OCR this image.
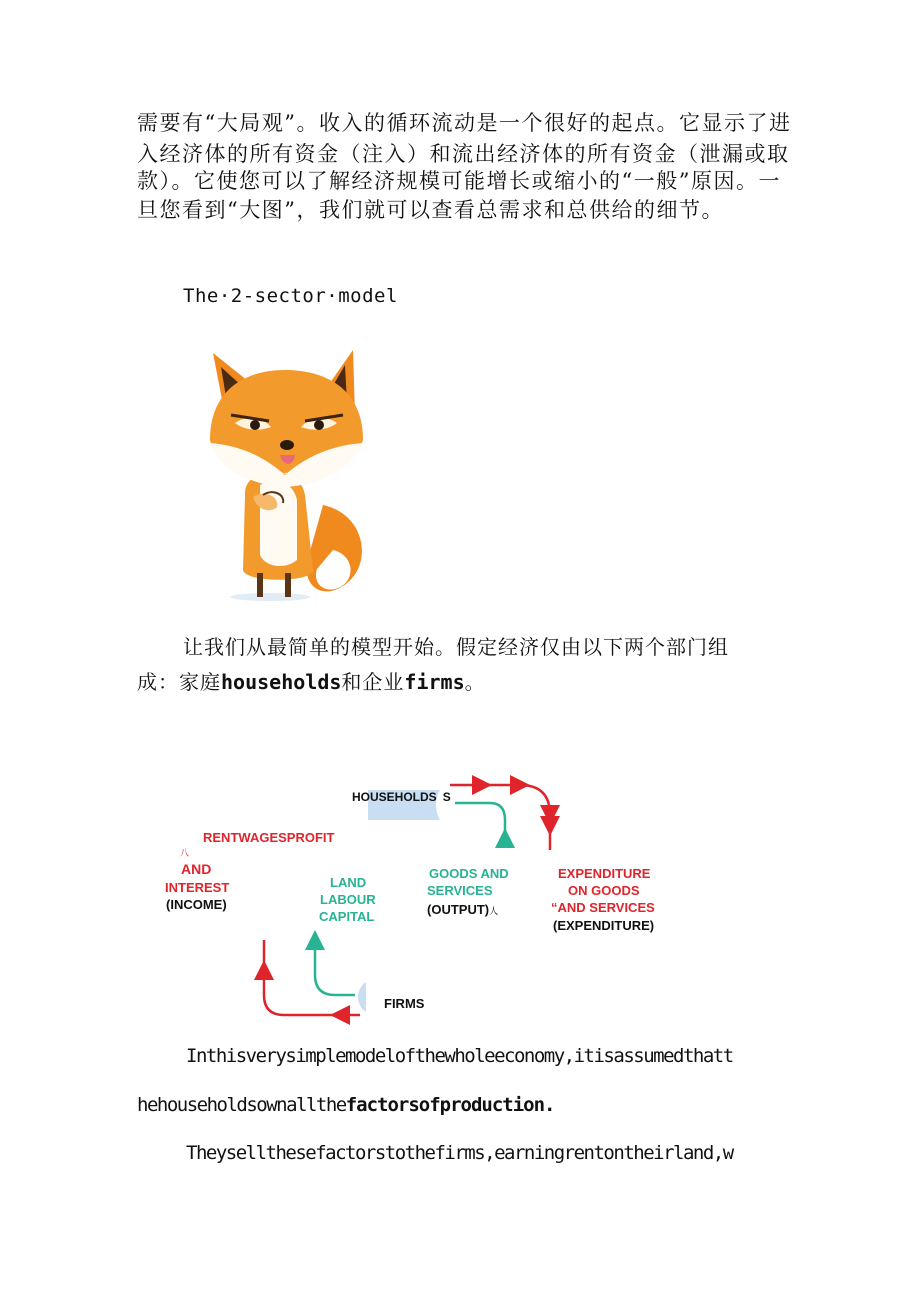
需要有“大局观”。收入的循环流动是一个很好的起点。它显示了进

入经济体的所有资金（注入）和流出经济体的所有资金（泄漏或取

款）。它使您可以了解经济规模可能增长或缩小的“一般”原因。一

旦您看到“大图”，我们就可以查看总需求和总供给的细节。

The·2-sector·model
让我们从最简单的模型开始。假定经济仅由以下两个部门组
成：家庭households和企业firms。
HOUSEHOLDS S
FIRMS
RENTWAGESPROFIT
八
AND
INTEREST
(INCOME)
LAND
LABOUR
CAPITAL
GOODS AND
SERVICES
(OUTPUT)人
EXPENDITURE
ON GOODS
“AND SERVICES
(EXPENDITURE)
Inthisverysimplemodelofthewholeeconomy,itisassumedthatt
hehouseholdsownallthefactorsofproduction.
Theysellthesefactorstothefirms,earningrentontheirland,w
